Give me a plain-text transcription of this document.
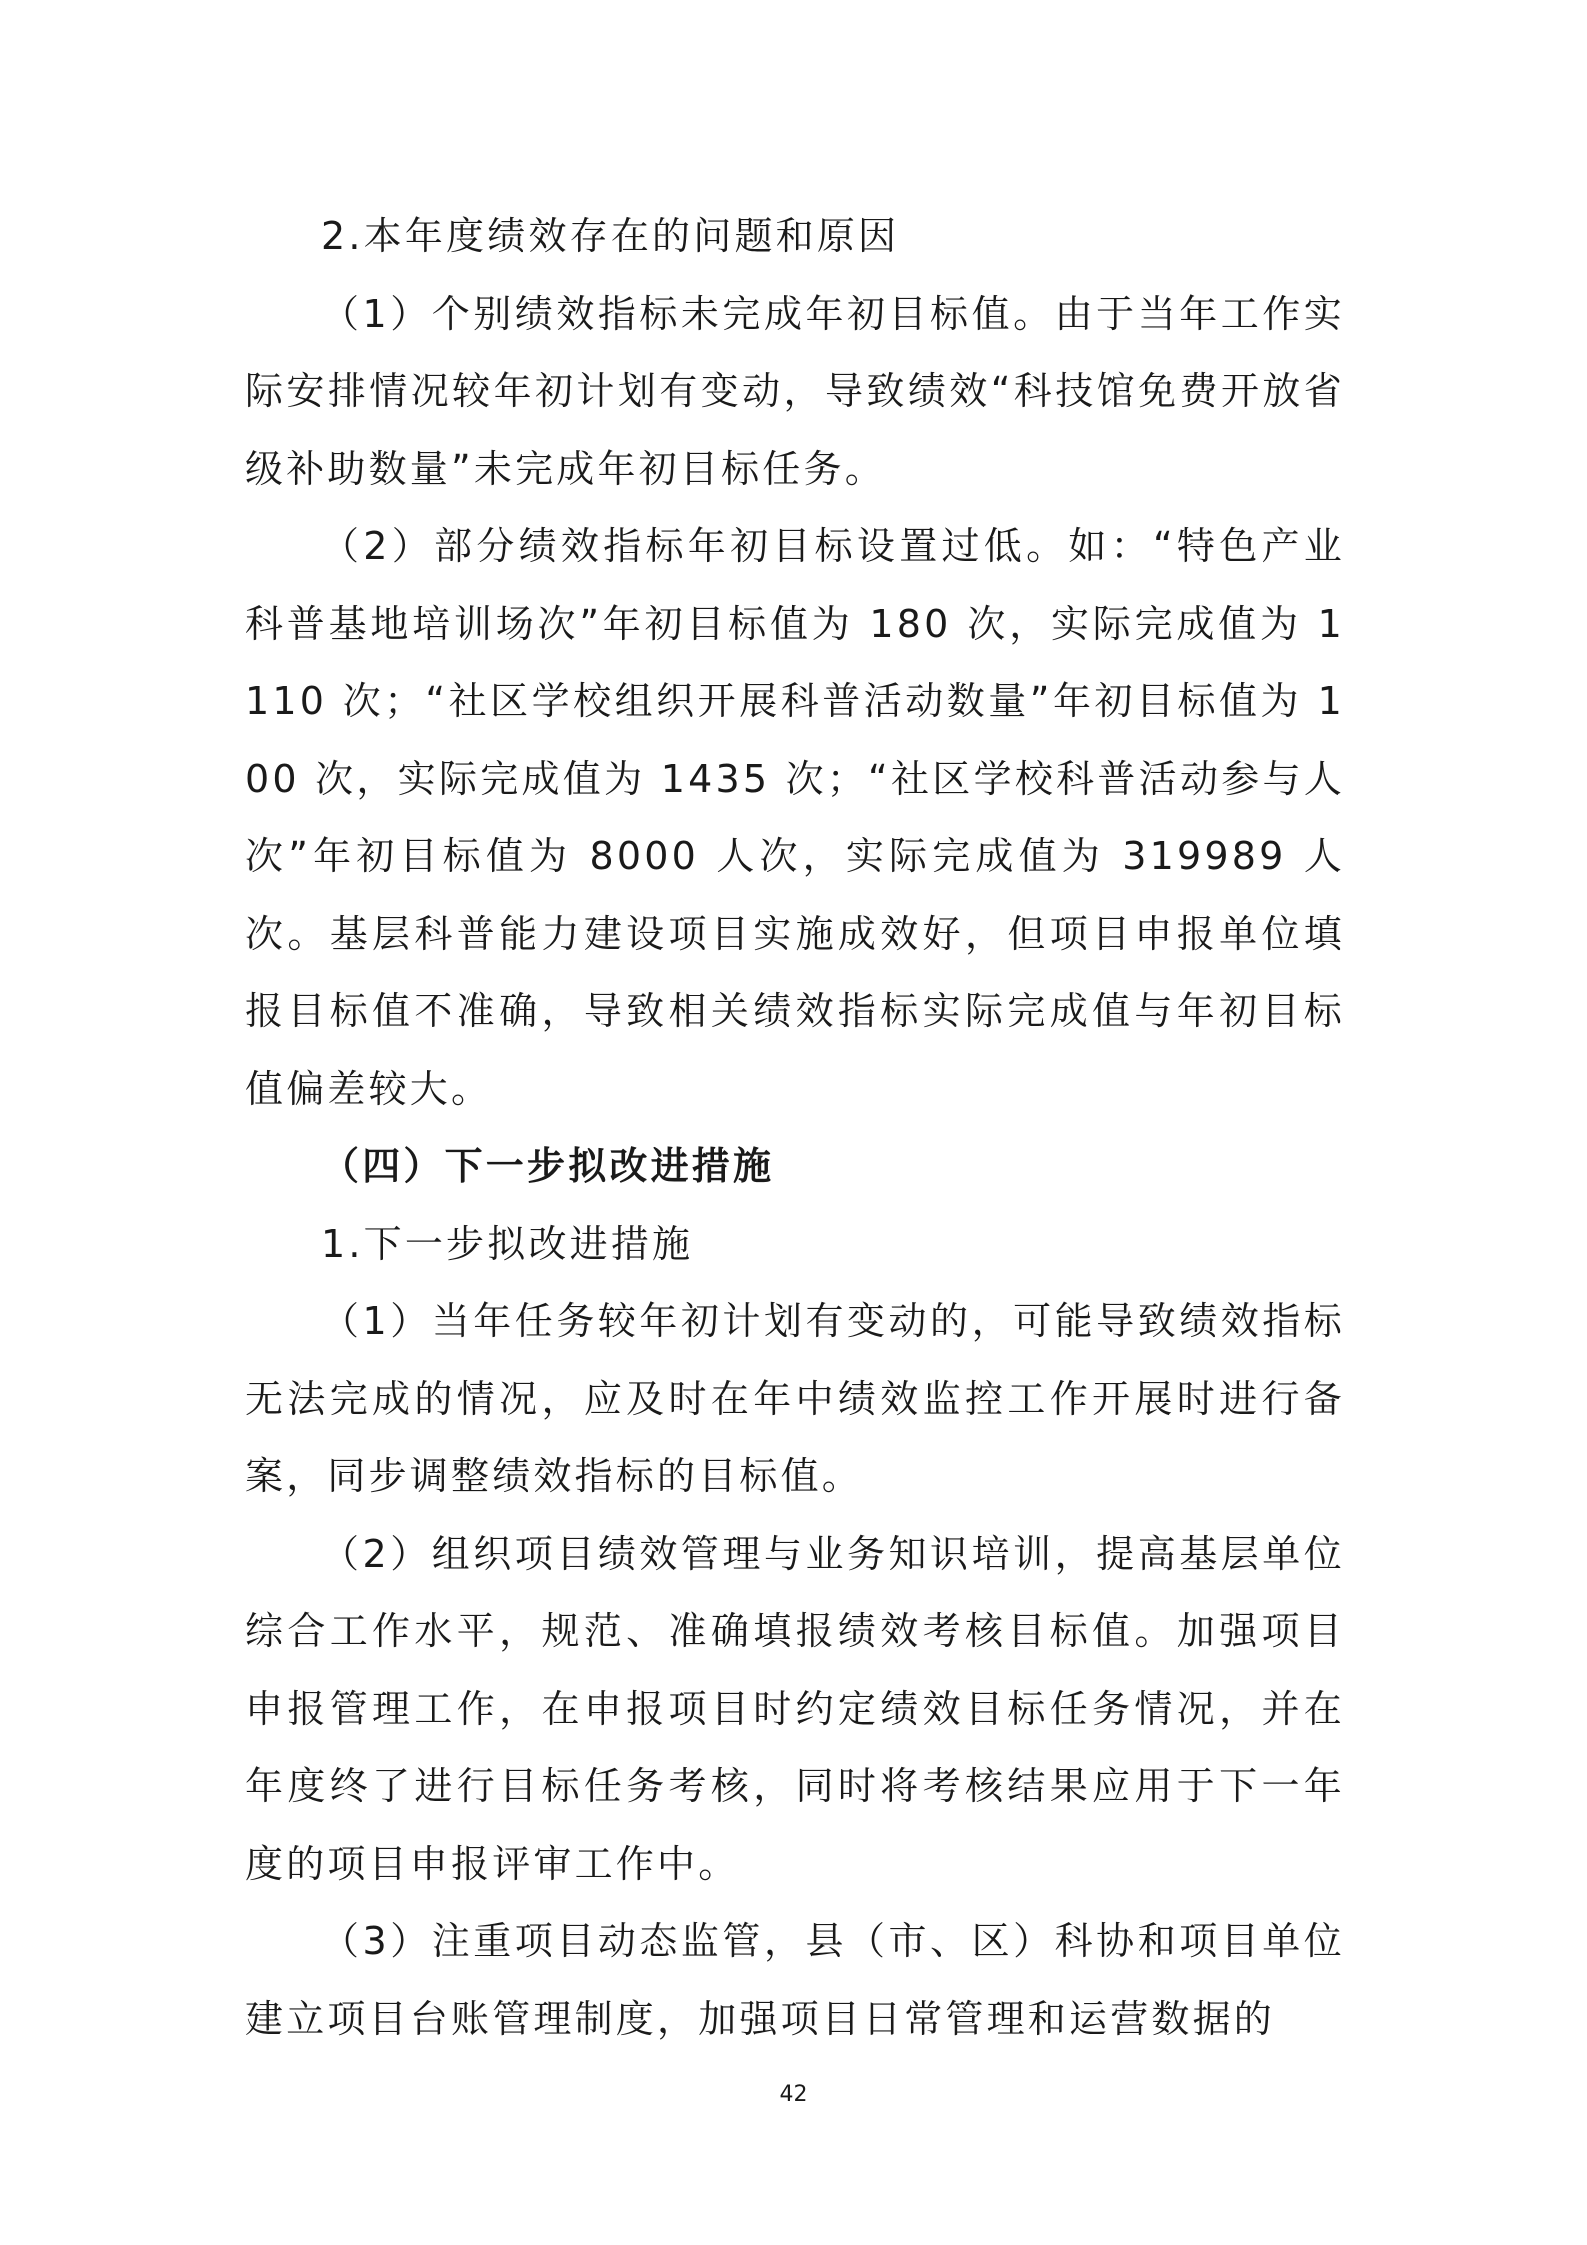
2.本年度绩效存在的问题和原因

（1）个别绩效指标未完成年初目标值。由于当年工作实际安排情况较年初计划有变动，导致绩效“科技馆免费开放省级补助数量”未完成年初目标任务。

（2）部分绩效指标年初目标设置过低。如：“特色产业科普基地培训场次”年初目标值为 180 次，实际完成值为 1110 次；“社区学校组织开展科普活动数量”年初目标值为 100 次，实际完成值为 1435 次；“社区学校科普活动参与人次”年初目标值为 8000 人次，实际完成值为 319989 人次。基层科普能力建设项目实施成效好，但项目申报单位填报目标值不准确，导致相关绩效指标实际完成值与年初目标值偏差较大。

（四）下一步拟改进措施

1.下一步拟改进措施

（1）当年任务较年初计划有变动的，可能导致绩效指标无法完成的情况，应及时在年中绩效监控工作开展时进行备案，同步调整绩效指标的目标值。

（2）组织项目绩效管理与业务知识培训，提高基层单位综合工作水平，规范、准确填报绩效考核目标值。加强项目申报管理工作，在申报项目时约定绩效目标任务情况，并在年度终了进行目标任务考核，同时将考核结果应用于下一年度的项目申报评审工作中。

（3）注重项目动态监管，县（市、区）科协和项目单位建立项目台账管理制度，加强项目日常管理和运营数据的

42
